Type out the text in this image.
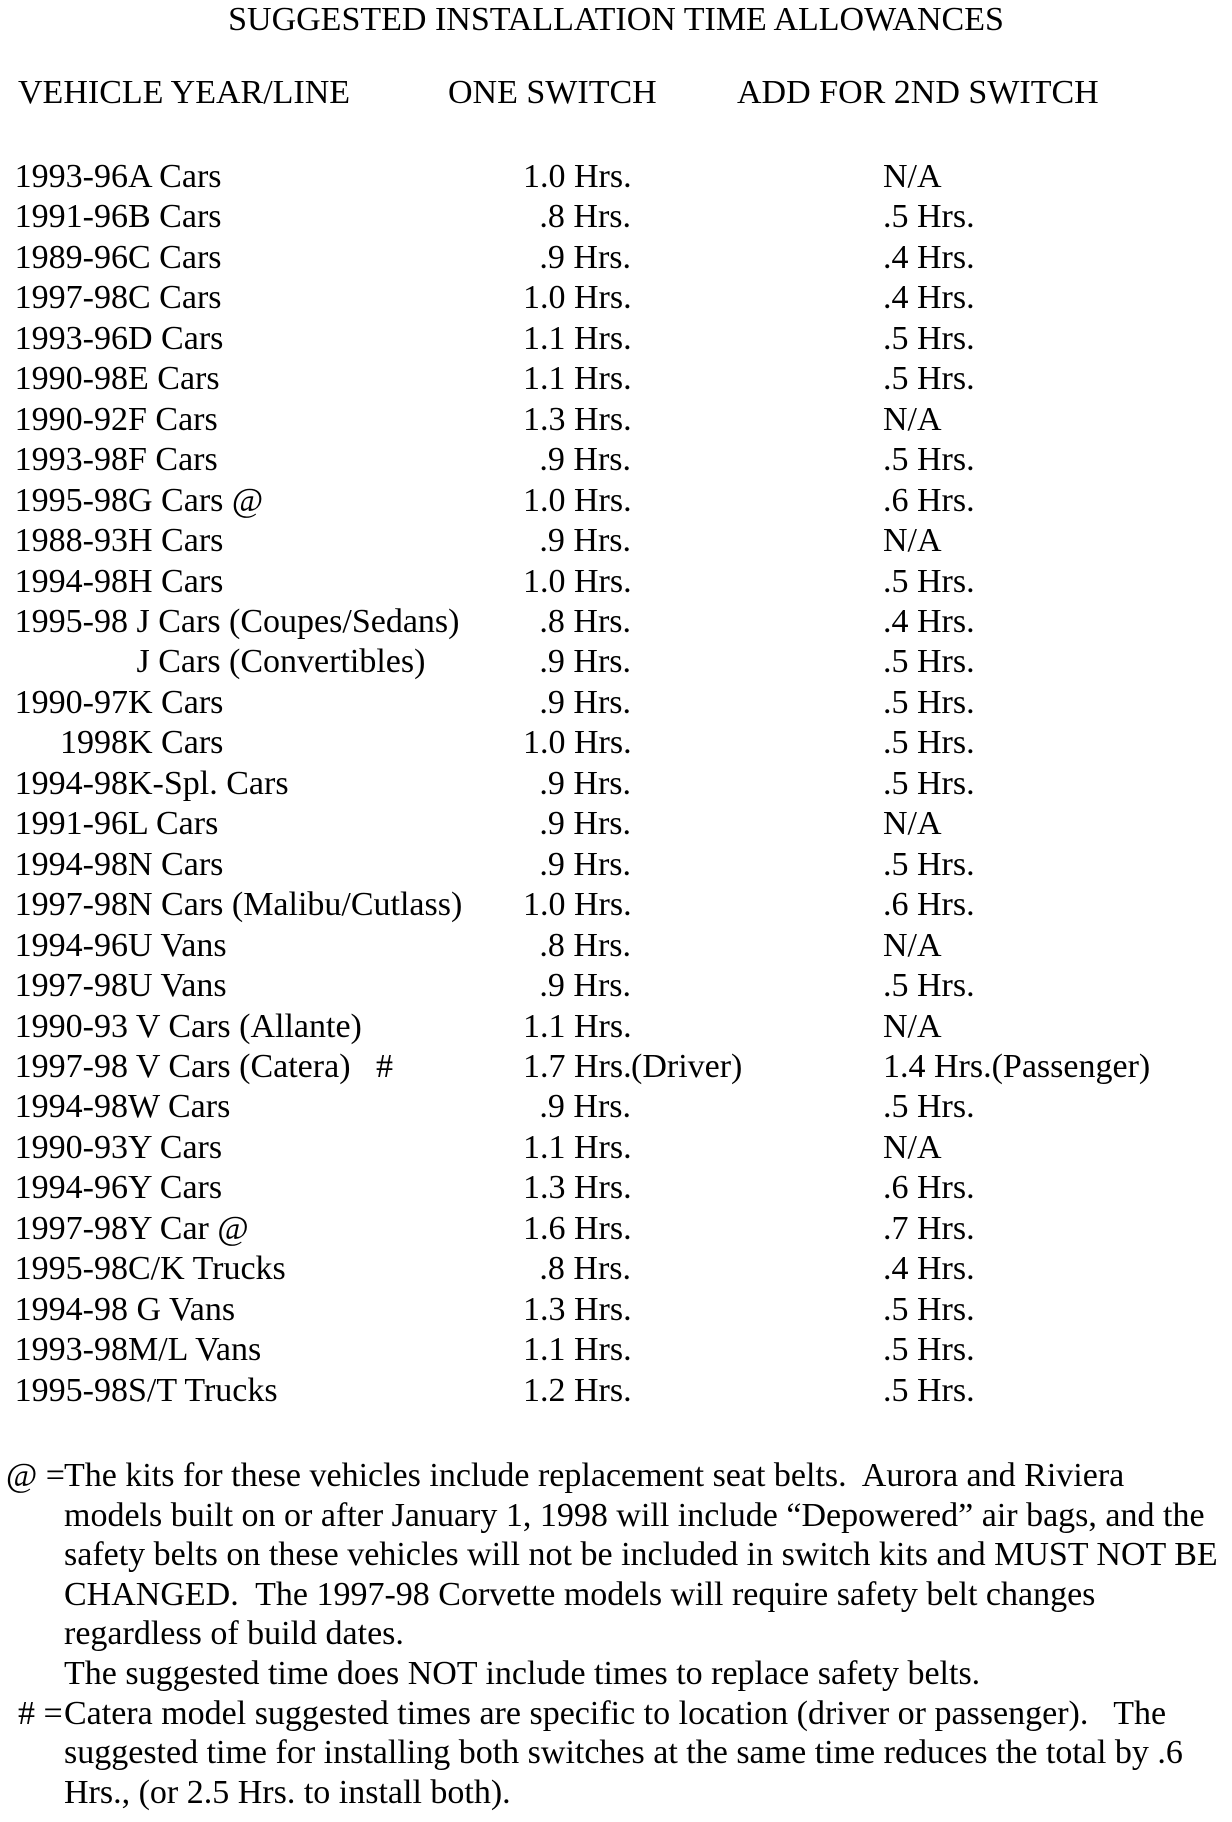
SUGGESTED INSTALLATION TIME ALLOWANCES
VEHICLE YEAR/LINE	ONE SWITCH ADD FOR 2ND SWITCH
1993-96	A Cars	1.0 Hrs.	N/A
1991-96	B Cars	.8 Hrs.	.5 Hrs.
1989-96	C Cars	.9 Hrs.	.4 Hrs.
1997-98	C Cars	1.0 Hrs.	.4 Hrs.
1993-96	D Cars	1.1 Hrs.	.5 Hrs.
1990-98	E Cars	1.1 Hrs.	.5 Hrs.
1990-92	F Cars	1.3 Hrs.	N/A
1993-98	F Cars	.9 Hrs.	.5 Hrs.
1995-98	G Cars @	1.0 Hrs.	.6 Hrs.
1988-93	H Cars	.9 Hrs.	N/A
1994-98	H Cars	1.0 Hrs.	.5 Hrs.
1995-98	J Cars (Coupes/Sedans)	.8 Hrs.	.4 Hrs.
	J Cars (Convertibles)	.9 Hrs.	.5 Hrs.
1990-97	K Cars	.9 Hrs.	.5 Hrs.
1998	K Cars	1.0 Hrs.	.5 Hrs.
1994-98	K-Spl. Cars	.9 Hrs.	.5 Hrs.
1991-96	L Cars	.9 Hrs.	N/A
1994-98	N Cars	.9 Hrs.	.5 Hrs.
1997-98	N Cars (Malibu/Cutlass)	1.0 Hrs.	.6 Hrs.
1994-96	U Vans	.8 Hrs.	N/A
1997-98	U Vans	.9 Hrs.	.5 Hrs.
1990-93	V Cars (Allante)	1.1 Hrs.	N/A
1997-98	V Cars (Catera)   #	1.7 Hrs.(Driver)	1.4 Hrs.(Passenger)
1994-98	W Cars	.9 Hrs.	.5 Hrs.
1990-93	Y Cars	1.1 Hrs.	N/A
1994-96	Y Cars	1.3 Hrs.	.6 Hrs.
1997-98	Y Car @	1.6 Hrs.	.7 Hrs.
1995-98	C/K Trucks	.8 Hrs.	.4 Hrs.
1994-98	G Vans	1.3 Hrs.	.5 Hrs.
1993-98	M/L Vans	1.1 Hrs.	.5 Hrs.
1995-98	S/T Trucks	1.2 Hrs.	.5 Hrs.
@ =The kits for these vehicles include replacement seat belts.  Aurora and Riviera
models built on or after January 1, 1998 will include “Depowered” air bags, and the
safety belts on these vehicles will not be included in switch kits and MUST NOT BE
CHANGED.  The 1997-98 Corvette models will require safety belt changes
regardless of build dates.
The suggested time does NOT include times to replace safety belts.
# =Catera model suggested times are specific to location (driver or passenger).   The
suggested time for installing both switches at the same time reduces the total by .6
Hrs., (or 2.5 Hrs. to install both).
